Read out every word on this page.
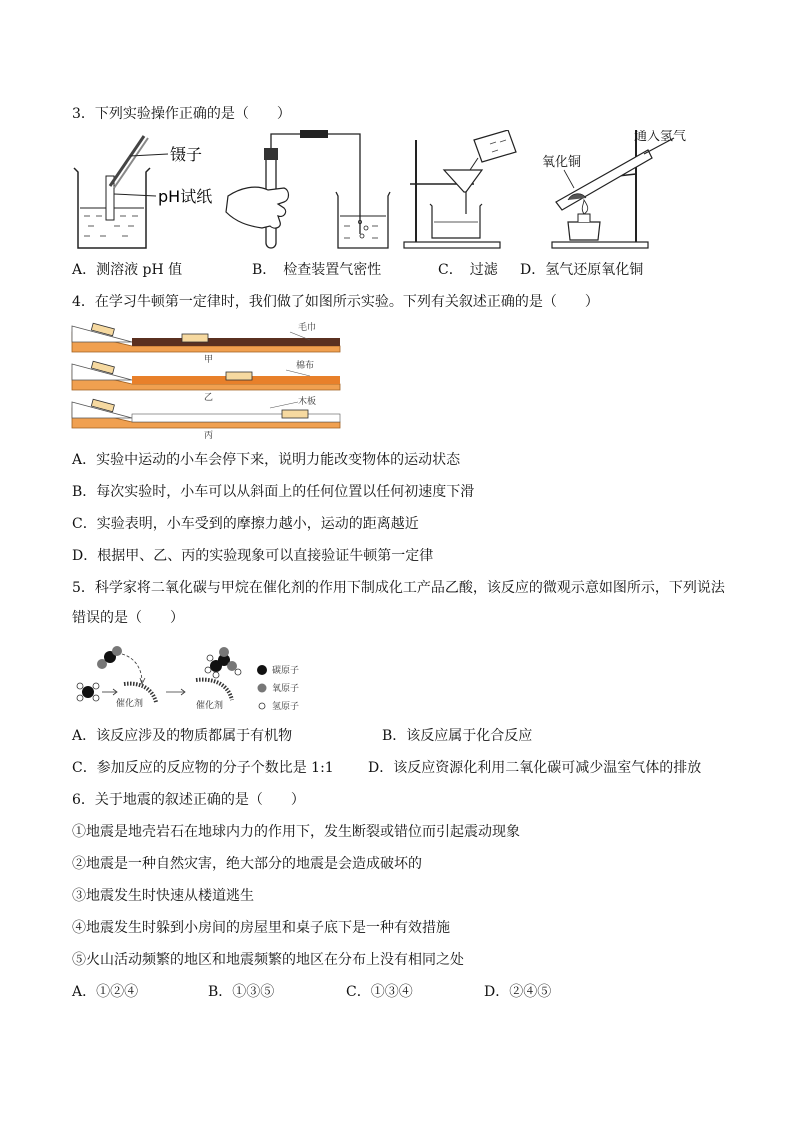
3．下列实验操作正确的是（　　）
镊子
pH试纸
通入氢气
氧化铜
A．测溶液 pH 值	B．　检查装置气密性	C．　过滤 D．氢气还原氧化铜
4．在学习牛顿第一定律时，我们做了如图所示实验。下列有关叙述正确的是（　　）
毛巾
甲
棉布
乙	木板
丙
A．实验中运动的小车会停下来，说明力能改变物体的运动状态
B．每次实验时，小车可以从斜面上的任何位置以任何初速度下滑
C．实验表明，小车受到的摩擦力越小，运动的距离越近
D．根据甲、乙、丙的实验现象可以直接验证牛顿第一定律
5．科学家将二氧化碳与甲烷在催化剂的作用下制成化工产品乙酸，该反应的微观示意如图所示，下列说法
错误的是（　　）
催化剂	催化剂
碳原子
氧原子
氢原子
A．该反应涉及的物质都属于有机物	B．该反应属于化合反应
C．参加反应的反应物的分子个数比是 1:1 D．该反应资源化利用二氧化碳可减少温室气体的排放
6．关于地震的叙述正确的是（　　）
①地震是地壳岩石在地球内力的作用下，发生断裂或错位而引起震动现象
②地震是一种自然灾害，绝大部分的地震是会造成破坏的
③地震发生时快速从楼道逃生
④地震发生时躲到小房间的房屋里和桌子底下是一种有效措施
⑤火山活动频繁的地区和地震频繁的地区在分布上没有相同之处
A．①②④	B．①③⑤	C．①③④	D．②④⑤
